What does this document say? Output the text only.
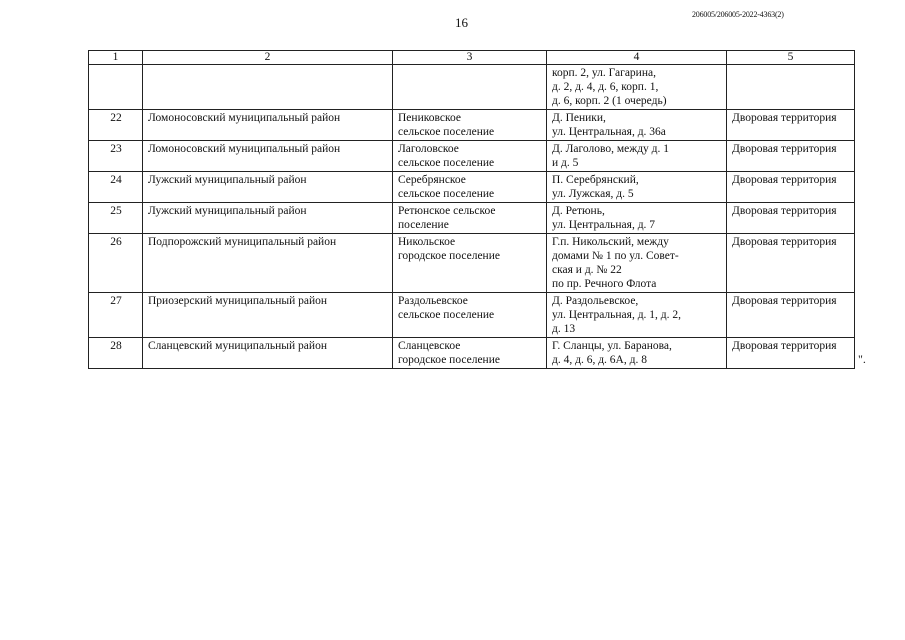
16
206005/206005-2022-4363(2)
1	2	3	4	5

			корп. 2, ул. Гагарина,
д. 2, д. 4, д. 6, корп. 1,
д. 6, корп. 2 (1 очередь)	

22	Ломоносовский муниципальный район	Пениковское
сельское поселение	Д. Пеники,
ул. Центральная, д. 36а	Дворовая территория

23	Ломоносовский муниципальный район	Лаголовское
сельское поселение	Д. Лаголово, между д. 1
и д. 5	Дворовая территория

24	Лужский муниципальный район	Серебрянское
сельское поселение	П. Серебрянский,
ул. Лужская, д. 5	Дворовая территория

25	Лужский муниципальный район	Ретюнское сельское
поселение	Д. Ретюнь,
ул. Центральная, д. 7	Дворовая территория

26	Подпорожский муниципальный район	Никольское
городское поселение	Г.п. Никольский, между
домами № 1 по ул. Совет-
ская и д. № 22
по пр. Речного Флота	Дворовая территория

27	Приозерский муниципальный район	Раздольевское
сельское поселение	Д. Раздольевское,
ул. Центральная, д. 1, д. 2,
д. 13	Дворовая территория

28	Сланцевский муниципальный район	Сланцевское
городское поселение	Г. Сланцы, ул. Баранова,
д. 4, д. 6, д. 6А, д. 8	Дворовая территория
".
